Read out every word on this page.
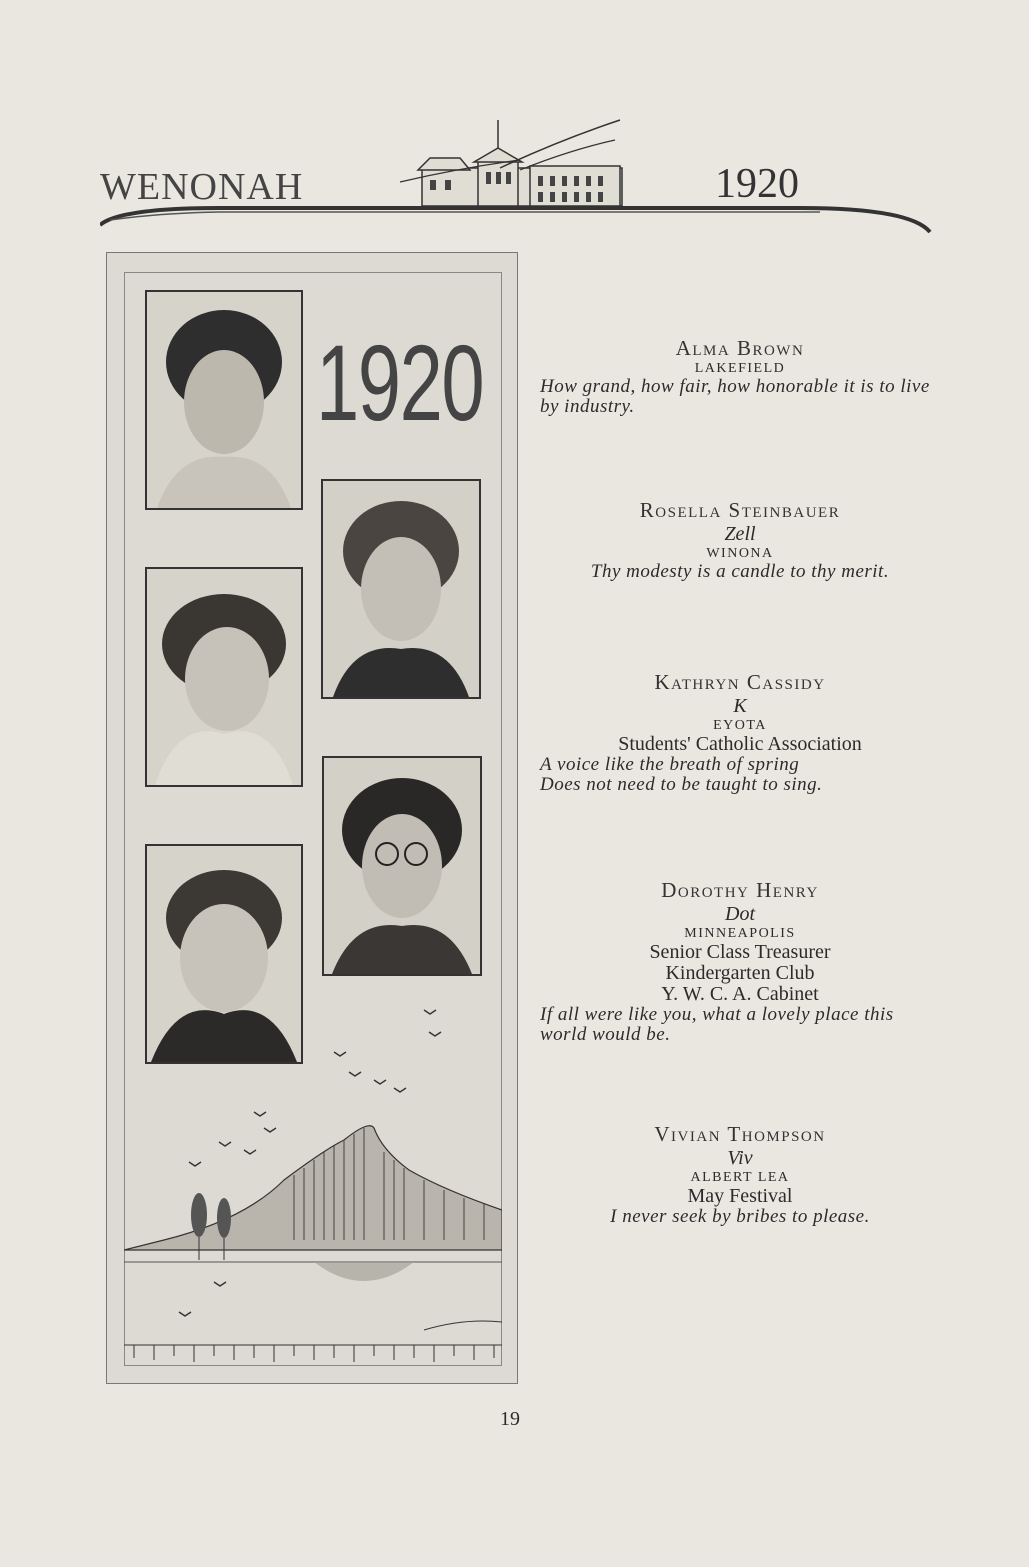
WENONAH	1920
1920	Alma Brown
LAKEFIELD
How grand, how fair, how honorable it is to live by industry.
Rosella Steinbauer
Zell
WINONA
Thy modesty is a candle to thy merit.
Kathryn Cassidy
K
EYOTA
Students' Catholic Association
A voice like the breath of spring
Does not need to be taught to sing.
Dorothy Henry
Dot
MINNEAPOLIS
Senior Class Treasurer
Kindergarten Club
Y. W. C. A. Cabinet
If all were like you, what a lovely place this world would be.
Vivian Thompson
Viv
ALBERT LEA
May Festival
I never seek by bribes to please.
19
